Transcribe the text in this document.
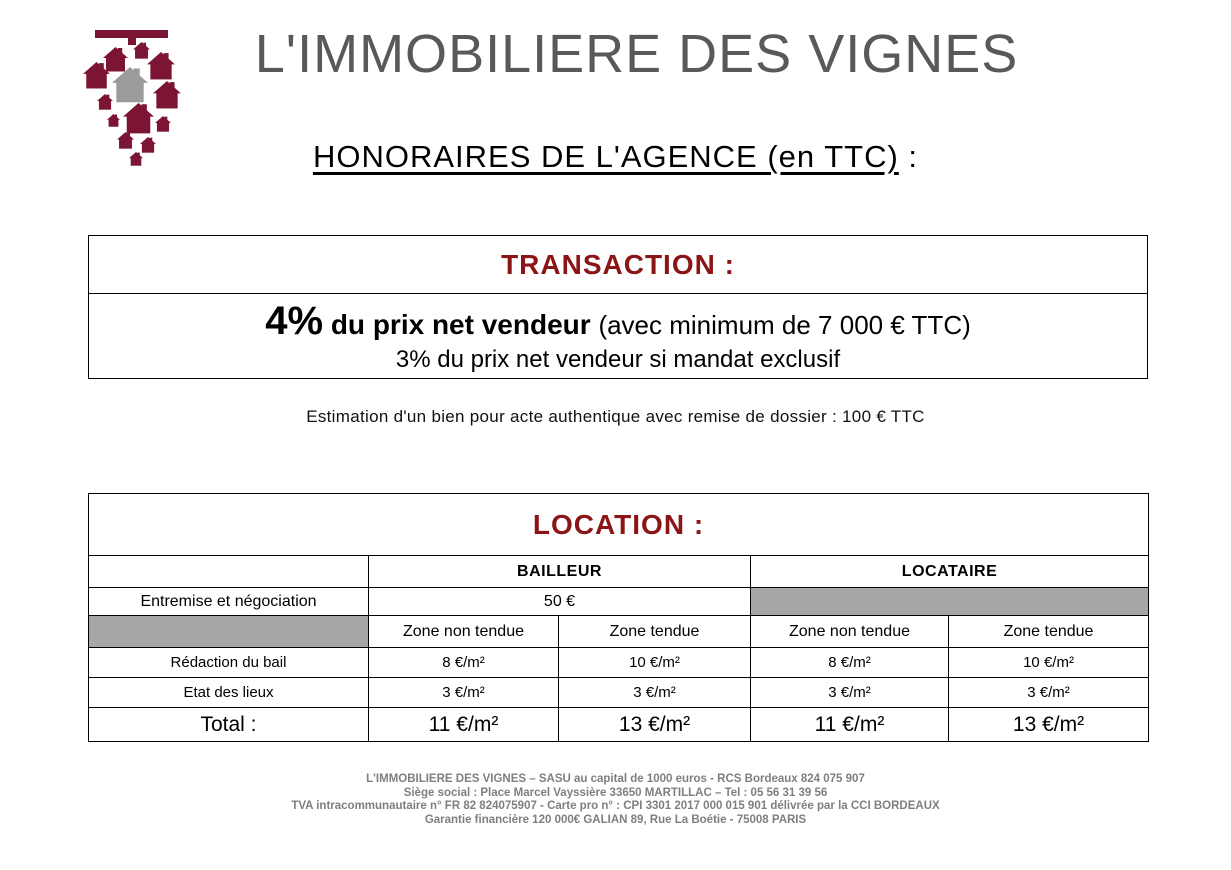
L'IMMOBILIERE DES VIGNES
HONORAIRES DE L'AGENCE (en TTC) :
TRANSACTION :

4% du prix net vendeur (avec minimum de 7 000 € TTC)
3% du prix net vendeur si mandat exclusif
Estimation d'un bien pour acte authentique avec remise de dossier : 100 € TTC
LOCATION :				
	BAILLEUR		LOCATAIRE	
Entremise et négociation	50 €			
	Zone non tendue	Zone tendue	Zone non tendue	Zone tendue
Rédaction du bail	8 €/m²	10 €/m²	8 €/m²	10 €/m²
Etat des lieux	3 €/m²	3 €/m²	3 €/m²	3 €/m²
Total :	11 €/m²	13 €/m²	11 €/m²	13 €/m²
L'IMMOBILIERE DES VIGNES – SASU au capital de 1000 euros - RCS Bordeaux 824 075 907
Siège social : Place Marcel Vayssière 33650 MARTILLAC – Tel : 05 56 31 39 56
TVA intracommunautaire n° FR 82 824075907 - Carte pro n° : CPI 3301 2017 000 015 901 délivrée par la CCI BORDEAUX
Garantie financière 120 000€ GALIAN 89, Rue La Boétie - 75008 PARIS
